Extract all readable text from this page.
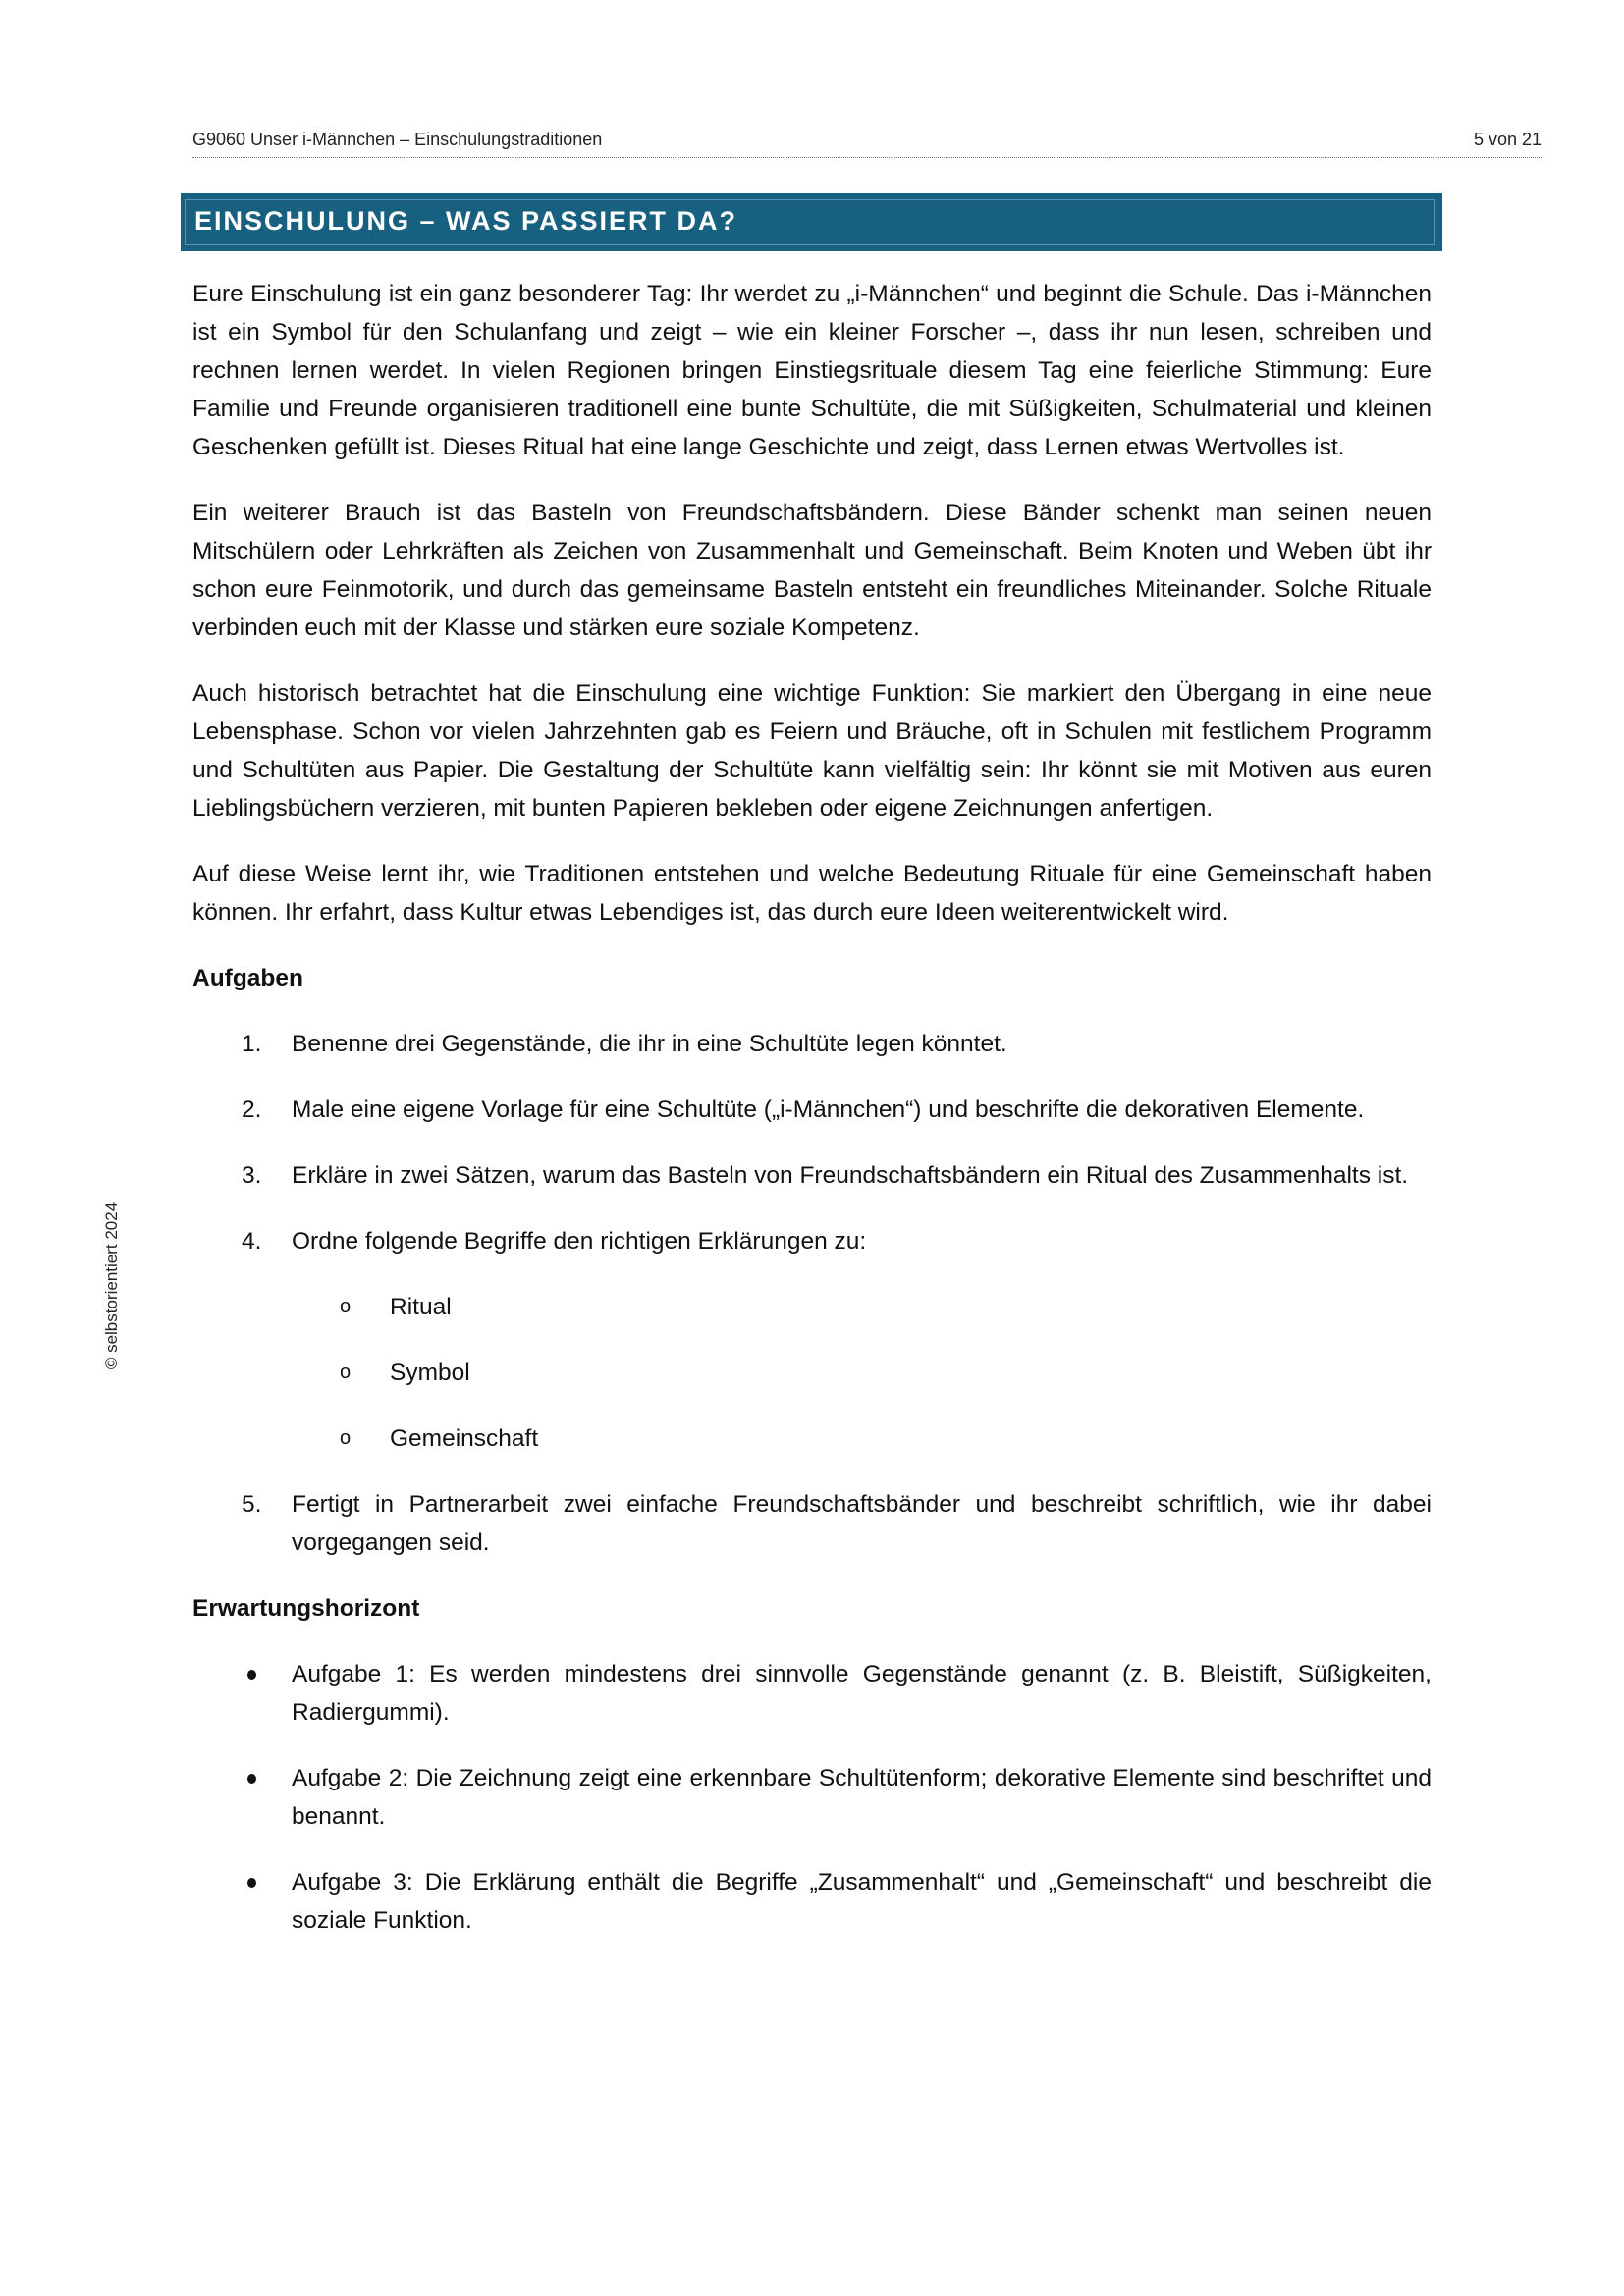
G9060 Unser i-Männchen – Einschulungstraditionen	5 von 21
© selbstorientiert 2024
EINSCHULUNG – WAS PASSIERT DA?

Eure Einschulung ist ein ganz besonderer Tag: Ihr werdet zu „i-Männchen“ und beginnt die Schule. Das i-Männchen ist ein Symbol für den Schulanfang und zeigt – wie ein kleiner Forscher –, dass ihr nun lesen, schreiben und rechnen lernen werdet. In vielen Regionen bringen Einstiegsrituale diesem Tag eine feierliche Stimmung: Eure Familie und Freunde organisieren traditionell eine bunte Schultüte, die mit Süßigkeiten, Schulmaterial und kleinen Geschenken gefüllt ist. Dieses Ritual hat eine lange Geschichte und zeigt, dass Lernen etwas Wertvolles ist.

Ein weiterer Brauch ist das Basteln von Freundschaftsbändern. Diese Bänder schenkt man seinen neuen Mitschülern oder Lehrkräften als Zeichen von Zusammenhalt und Gemeinschaft. Beim Knoten und Weben übt ihr schon eure Feinmotorik, und durch das gemeinsame Basteln entsteht ein freundliches Miteinander. Solche Rituale verbinden euch mit der Klasse und stärken eure soziale Kompetenz.

Auch historisch betrachtet hat die Einschulung eine wichtige Funktion: Sie markiert den Übergang in eine neue Lebensphase. Schon vor vielen Jahrzehnten gab es Feiern und Bräuche, oft in Schulen mit festlichem Programm und Schultüten aus Papier. Die Gestaltung der Schultüte kann vielfältig sein: Ihr könnt sie mit Motiven aus euren Lieblingsbüchern verzieren, mit bunten Papieren bekleben oder eigene Zeichnungen anfertigen.

Auf diese Weise lernt ihr, wie Traditionen entstehen und welche Bedeutung Rituale für eine Gemeinschaft haben können. Ihr erfahrt, dass Kultur etwas Lebendiges ist, das durch eure Ideen weiterentwickelt wird.

Aufgaben
1. Benenne drei Gegenstände, die ihr in eine Schultüte legen könntet.
2. Male eine eigene Vorlage für eine Schultüte („i-Männchen“) und beschrifte die dekorativen Elemente.
3. Erkläre in zwei Sätzen, warum das Basteln von Freundschaftsbändern ein Ritual des Zusammenhalts ist.
4. Ordne folgende Begriffe den richtigen Erklärungen zu:
o Ritual
o Symbol
o Gemeinschaft
5. Fertigt in Partnerarbeit zwei einfache Freundschaftsbänder und beschreibt schriftlich, wie ihr dabei vorgegangen seid.
Erwartungshorizont
Aufgabe 1: Es werden mindestens drei sinnvolle Gegenstände genannt (z. B. Bleistift, Süßigkeiten, Radiergummi).
Aufgabe 2: Die Zeichnung zeigt eine erkennbare Schultütenform; dekorative Elemente sind beschriftet und benannt.
Aufgabe 3: Die Erklärung enthält die Begriffe „Zusammenhalt“ und „Gemeinschaft“ und beschreibt die soziale Funktion.
